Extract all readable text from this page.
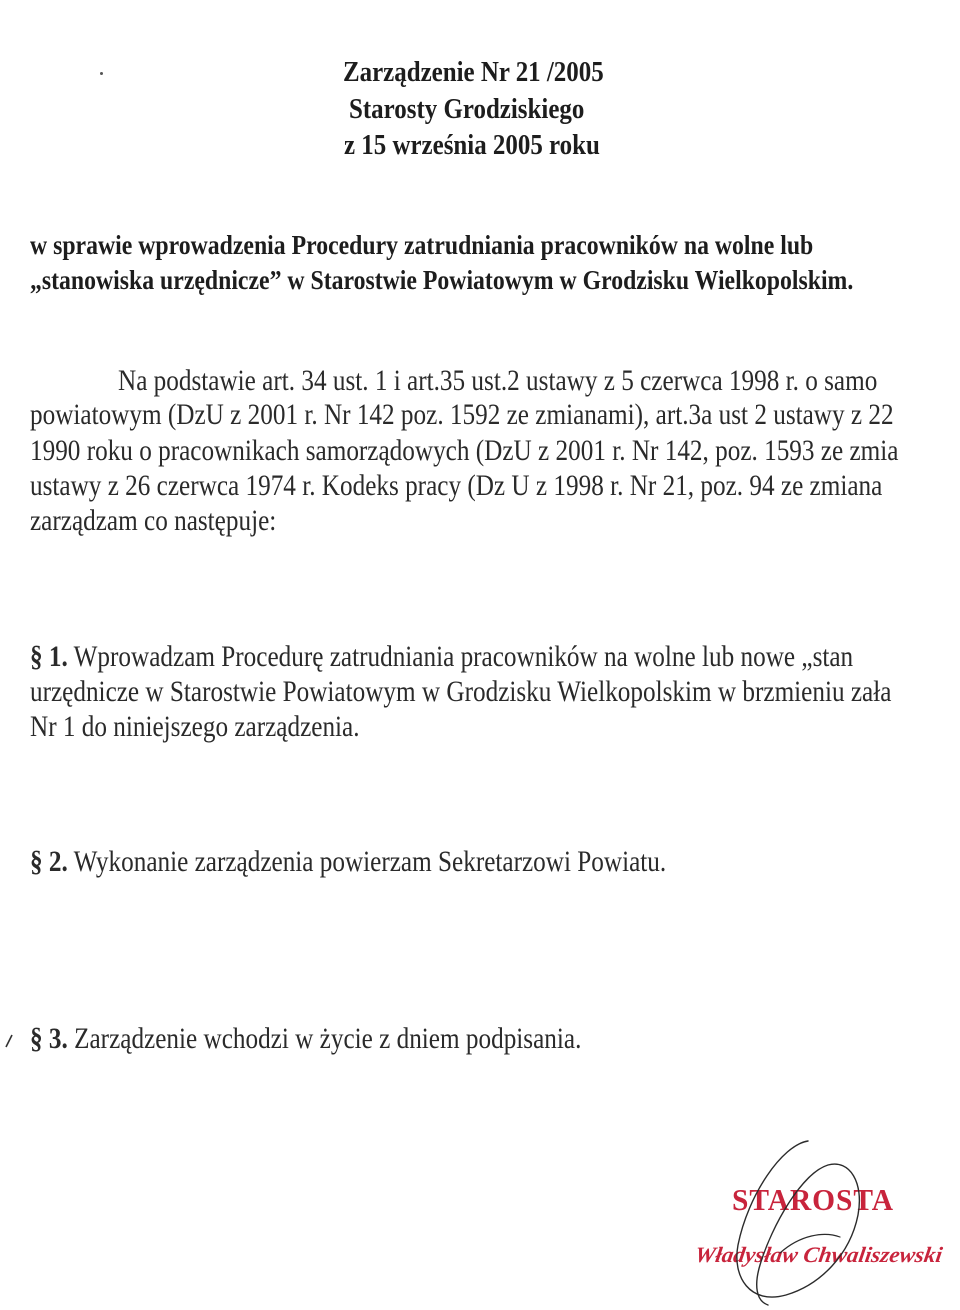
Zarządzenie Nr 21 /2005
Starosty Grodziskiego
z 15 września 2005 roku
w sprawie wprowadzenia Procedury zatrudniania pracowników na wolne lub
„stanowiska urzędnicze” w Starostwie Powiatowym w Grodzisku Wielkopolskim.
Na podstawie art. 34 ust. 1 i art.35 ust.2 ustawy z 5 czerwca 1998 r. o samo
powiatowym (DzU z 2001 r. Nr 142 poz. 1592 ze zmianami), art.3a ust 2 ustawy z 22
1990 roku o pracownikach samorządowych (DzU z 2001 r. Nr 142, poz. 1593 ze zmia
ustawy z 26 czerwca 1974 r. Kodeks pracy (Dz U z 1998 r. Nr 21, poz. 94 ze zmiana
zarządzam co następuje:
§ 1. Wprowadzam Procedurę zatrudniania pracowników na wolne lub nowe „stan
urzędnicze w Starostwie Powiatowym w Grodzisku Wielkopolskim w brzmieniu zała
Nr 1 do niniejszego zarządzenia.
§ 2. Wykonanie zarządzenia powierzam Sekretarzowi Powiatu.
§ 3. Zarządzenie wchodzi w życie z dniem podpisania.
STAROSTA
Władysław Chwaliszewski
